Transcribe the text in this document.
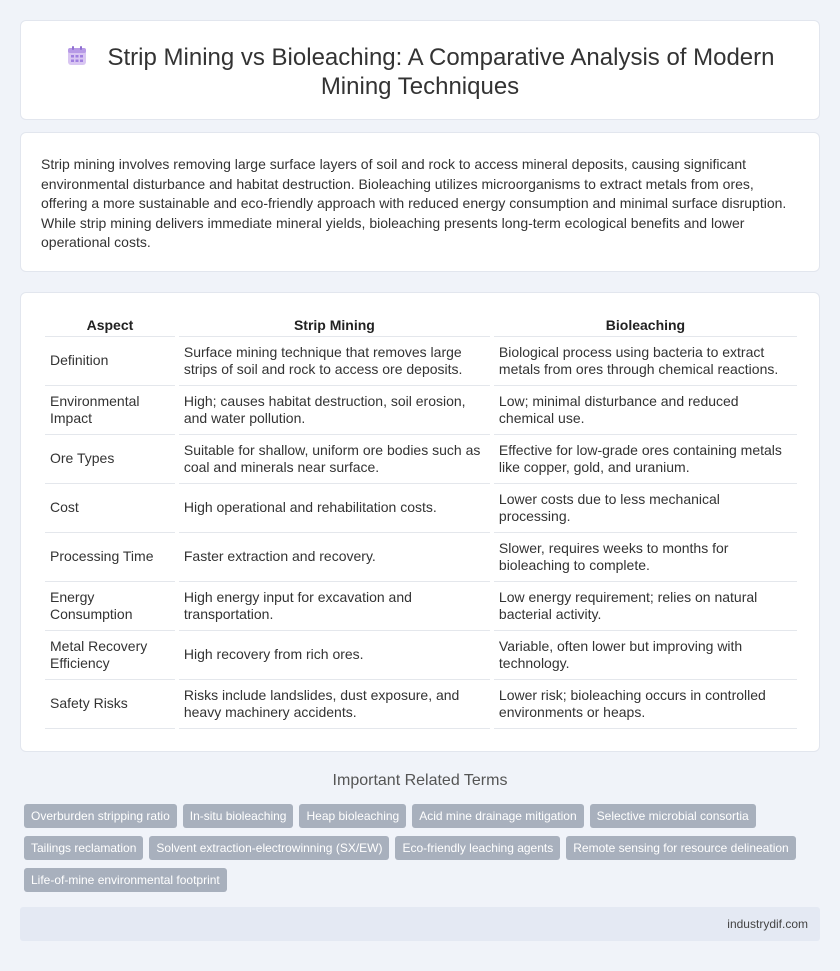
Strip Mining vs Bioleaching: A Comparative Analysis of Modern Mining Techniques

Strip mining involves removing large surface layers of soil and rock to access mineral deposits, causing significant environmental disturbance and habitat destruction. Bioleaching utilizes microorganisms to extract metals from ores, offering a more sustainable and eco-friendly approach with reduced energy consumption and minimal surface disruption. While strip mining delivers immediate mineral yields, bioleaching presents long-term ecological benefits and lower operational costs.

Aspect	Strip Mining	Bioleaching
Definition	Surface mining technique that removes large strips of soil and rock to access ore deposits.	Biological process using bacteria to extract metals from ores through chemical reactions.
Environmental Impact	High; causes habitat destruction, soil erosion, and water pollution.	Low; minimal disturbance and reduced chemical use.
Ore Types	Suitable for shallow, uniform ore bodies such as coal and minerals near surface.	Effective for low-grade ores containing metals like copper, gold, and uranium.
Cost	High operational and rehabilitation costs.	Lower costs due to less mechanical processing.
Processing Time	Faster extraction and recovery.	Slower, requires weeks to months for bioleaching to complete.
Energy Consumption	High energy input for excavation and transportation.	Low energy requirement; relies on natural bacterial activity.
Metal Recovery Efficiency	High recovery from rich ores.	Variable, often lower but improving with technology.
Safety Risks	Risks include landslides, dust exposure, and heavy machinery accidents.	Lower risk; bioleaching occurs in controlled environments or heaps.
Important Related Terms
Overburden stripping ratio In-situ bioleaching Heap bioleaching Acid mine drainage mitigation Selective microbial consortiaTailings reclamation Solvent extraction-electrowinning (SX/EW) Eco-friendly leaching agents Remote sensing for resource delineationLife-of-mine environmental footprint
industrydif.com
